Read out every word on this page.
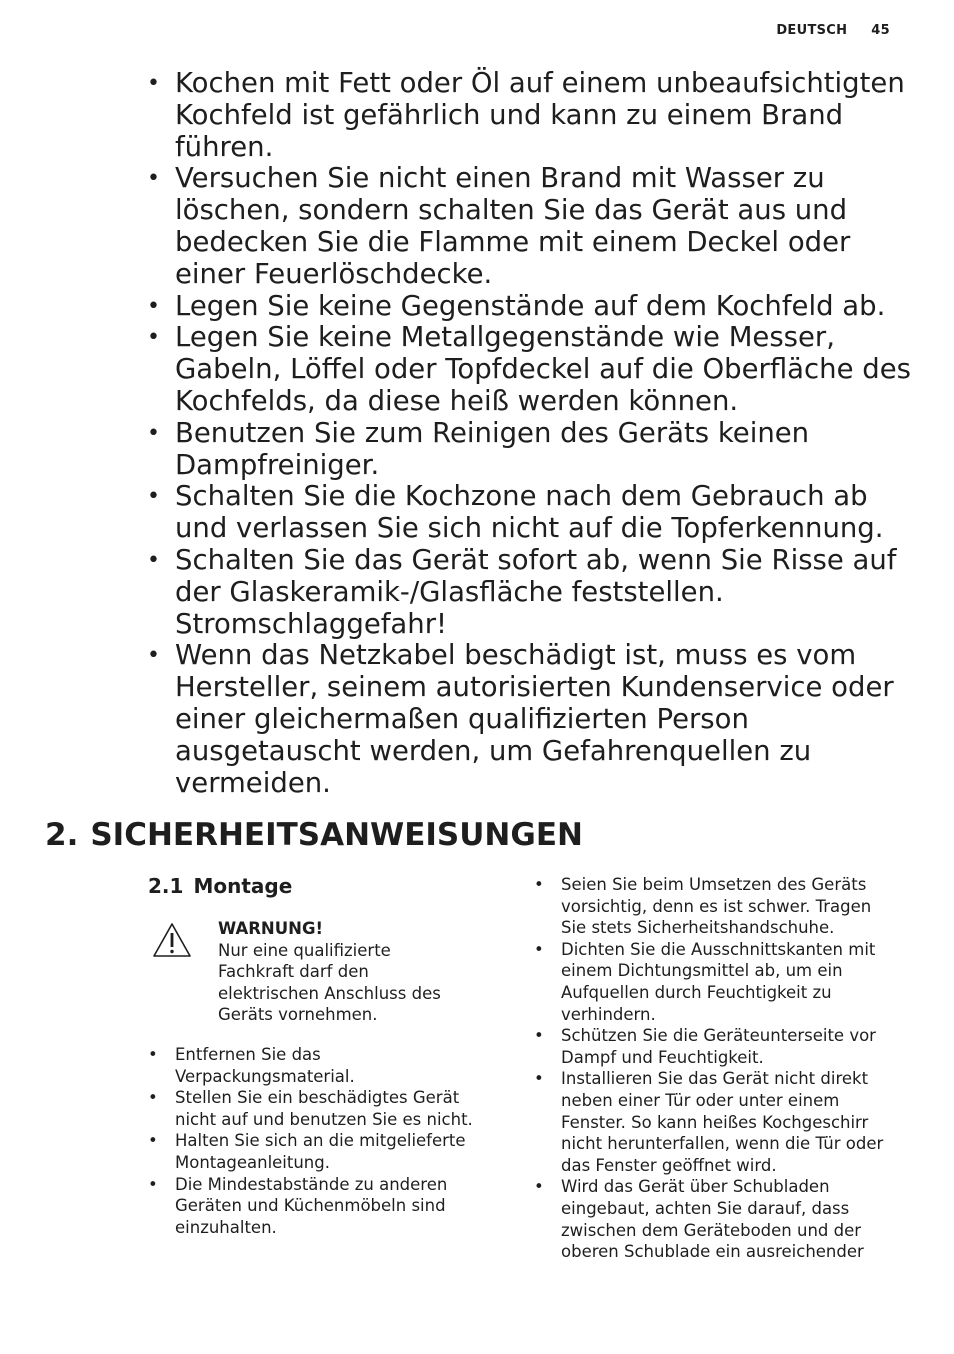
DEUTSCH 45
• Kochen mit Fett oder Öl auf einem unbeaufsichtigten Kochfeld ist gefährlich und kann zu einem Brand führen.
• Versuchen Sie nicht einen Brand mit Wasser zu löschen, sondern schalten Sie das Gerät aus und bedecken Sie die Flamme mit einem Deckel oder einer Feuerlöschdecke.
• Legen Sie keine Gegenstände auf dem Kochfeld ab.
• Legen Sie keine Metallgegenstände wie Messer, Gabeln, Löffel oder Topfdeckel auf die Oberfläche des Kochfelds, da diese heiß werden können.
• Benutzen Sie zum Reinigen des Geräts keinen Dampfreiniger.
• Schalten Sie die Kochzone nach dem Gebrauch ab und verlassen Sie sich nicht auf die Topferkennung.
• Schalten Sie das Gerät sofort ab, wenn Sie Risse auf der Glaskeramik-/Glasfläche feststellen. Stromschlaggefahr!
• Wenn das Netzkabel beschädigt ist, muss es vom Hersteller, seinem autorisierten Kundenservice oder einer gleichermaßen qualifizierten Person ausgetauscht werden, um Gefahrenquellen zu vermeiden.
2. SICHERHEITSANWEISUNGEN
2.1 Montage
WARNUNG!
Nur eine qualifizierte Fachkraft darf den elektrischen Anschluss des Geräts vornehmen.
• Entfernen Sie das Verpackungsmaterial.
• Stellen Sie ein beschädigtes Gerät nicht auf und benutzen Sie es nicht.
• Halten Sie sich an die mitgelieferte Montageanleitung.
• Die Mindestabstände zu anderen Geräten und Küchenmöbeln sind einzuhalten.
• Seien Sie beim Umsetzen des Geräts vorsichtig, denn es ist schwer. Tragen Sie stets Sicherheitshandschuhe.
• Dichten Sie die Ausschnittskanten mit einem Dichtungsmittel ab, um ein Aufquellen durch Feuchtigkeit zu verhindern.
• Schützen Sie die Geräteunterseite vor Dampf und Feuchtigkeit.
• Installieren Sie das Gerät nicht direkt neben einer Tür oder unter einem Fenster. So kann heißes Kochgeschirr nicht herunterfallen, wenn die Tür oder das Fenster geöffnet wird.
• Wird das Gerät über Schubladen eingebaut, achten Sie darauf, dass zwischen dem Geräteboden und der oberen Schublade ein ausreichender
